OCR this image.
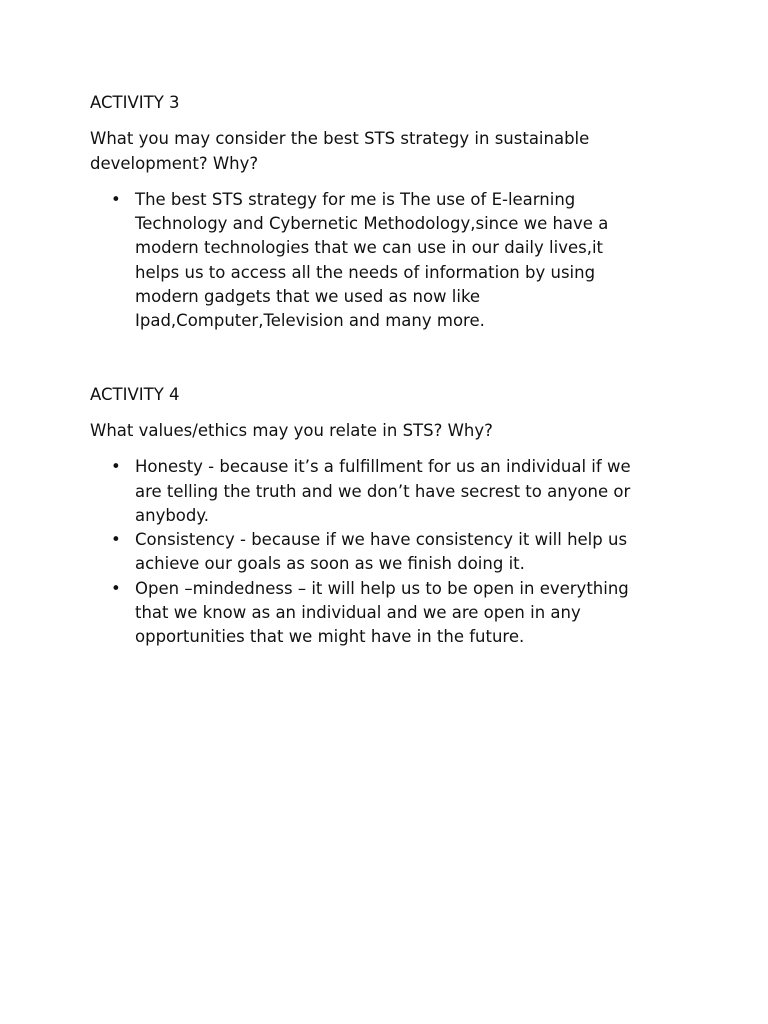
ACTIVITY 3

What you may consider the best STS strategy in sustainable
development? Why?

• The best STS strategy for me is The use of E-learning
Technology and Cybernetic Methodology,since we have a
modern technologies that we can use in our daily lives,it
helps us to access all the needs of information by using
modern gadgets that we used as now like
Ipad,Computer,Television and many more.

ACTIVITY 4

What values/ethics may you relate in STS? Why?

• Honesty - because it’s a fulfillment for us an individual if we
are telling the truth and we don’t have secrest to anyone or
anybody.
• Consistency - because if we have consistency it will help us
achieve our goals as soon as we finish doing it.
• Open –mindedness – it will help us to be open in everything
that we know as an individual and we are open in any
opportunities that we might have in the future.
